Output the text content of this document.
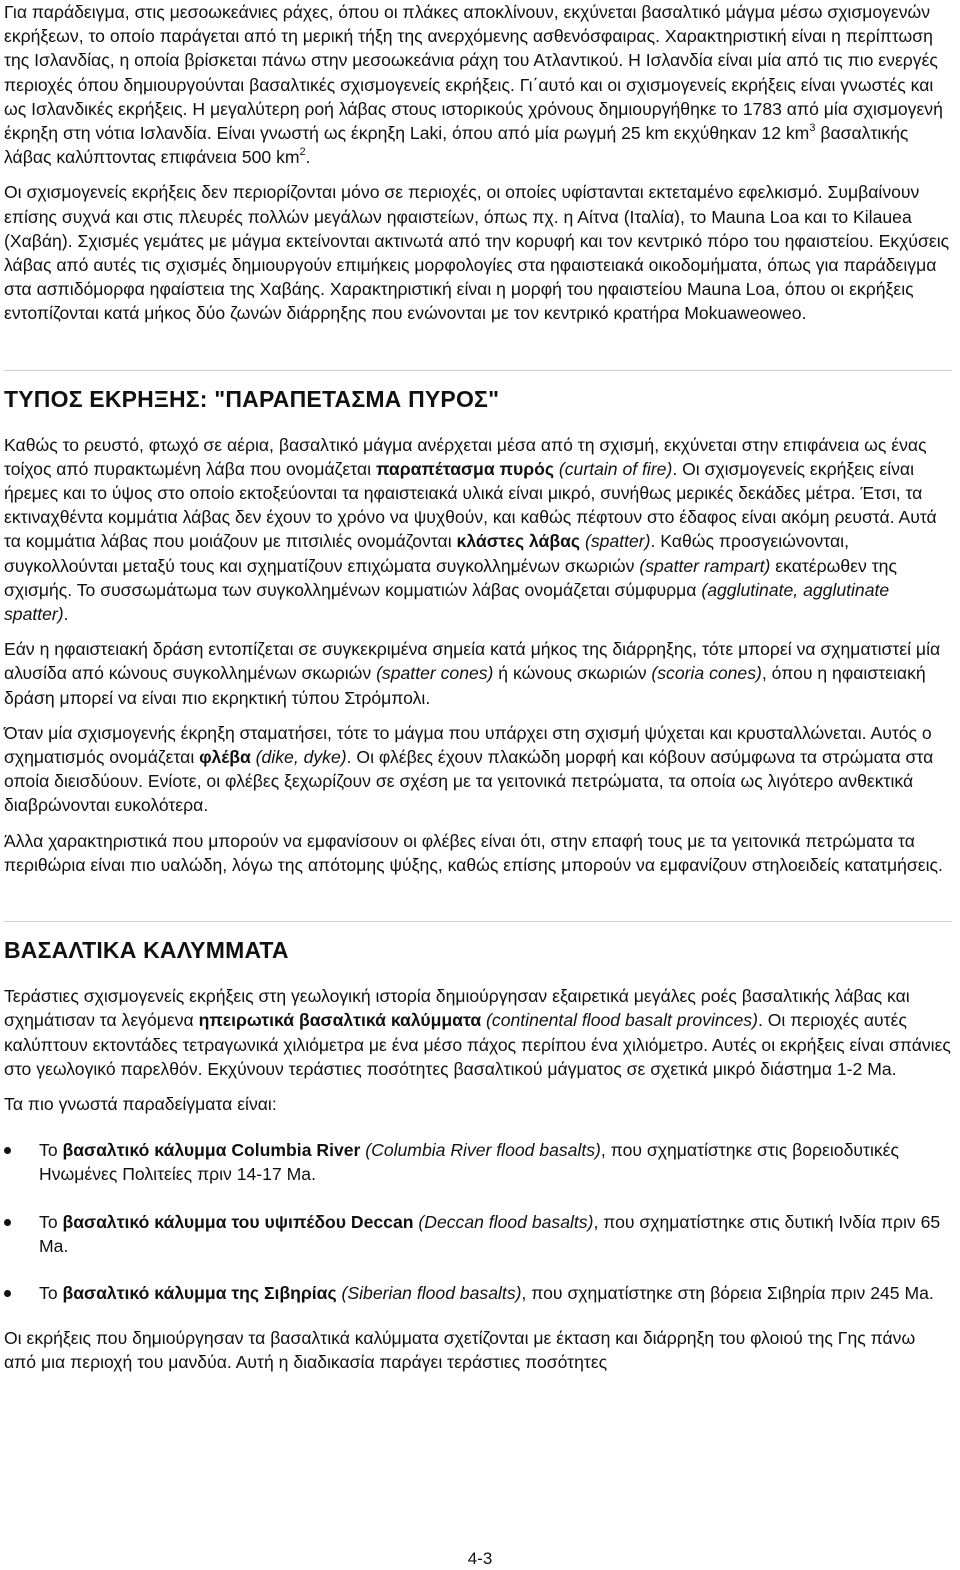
Για παράδειγμα, στις μεσοωκεάνιες ράχες, όπου οι πλάκες αποκλίνουν, εκχύνεται βασαλτικό μάγμα μέσω σχισμογενών εκρήξεων, το οποίο παράγεται από τη μερική τήξη της ανερχόμενης ασθενόσφαιρας. Χαρακτηριστική είναι η περίπτωση της Ισλανδίας, η οποία βρίσκεται πάνω στην μεσοωκεάνια ράχη του Ατλαντικού. Η Ισλανδία είναι μία από τις πιο ενεργές περιοχές όπου δημιουργούνται βασαλτικές σχισμογενείς εκρήξεις. Γι΄αυτό και οι σχισμογενείς εκρήξεις είναι γνωστές και ως Ισλανδικές εκρήξεις. Η μεγαλύτερη ροή λάβας στους ιστορικούς χρόνους δημιουργήθηκε το 1783 από μία σχισμογενή έκρηξη στη νότια Ισλανδία. Είναι γνωστή ως έκρηξη Laki, όπου από μία ρωγμή 25 km εκχύθηκαν 12 $km^3$ βασαλτικής λάβας καλύπτοντας επιφάνεια 500 $km^2$.

Οι σχισμογενείς εκρήξεις δεν περιορίζονται μόνο σε περιοχές, οι οποίες υφίστανται εκτεταμένο εφελκισμό. Συμβαίνουν επίσης συχνά και στις πλευρές πολλών μεγάλων ηφαιστείων, όπως πχ. η Αίτνα (Ιταλία), το Mauna Loa και το Kilauea (Χαβάη). Σχισμές γεμάτες με μάγμα εκτείνονται ακτινωτά από την κορυφή και τον κεντρικό πόρο του ηφαιστείου. Εκχύσεις λάβας από αυτές τις σχισμές δημιουργούν επιμήκεις μορφολογίες στα ηφαιστειακά οικοδομήματα, όπως για παράδειγμα στα ασπιδόμορφα ηφαίστεια της Χαβάης. Χαρακτηριστική είναι η μορφή του ηφαιστείου Mauna Loa, όπου οι εκρήξεις εντοπίζονται κατά μήκος δύο ζωνών διάρρηξης που ενώνονται με τον κεντρικό κρατήρα Mokuaweoweo.

ΤΥΠΟΣ ΕΚΡΗΞΗΣ: "ΠΑΡΑΠΕΤΑΣΜΑ ΠΥΡΟΣ"

Καθώς το ρευστό, φτωχό σε αέρια, βασαλτικό μάγμα ανέρχεται μέσα από τη σχισμή, εκχύνεται στην επιφάνεια ως ένας τοίχος από πυρακτωμένη λάβα που ονομάζεται παραπέτασμα πυρός (curtain of fire). Οι σχισμογενείς εκρήξεις είναι ήρεμες και το ύψος στο οποίο εκτοξεύονται τα ηφαιστειακά υλικά είναι μικρό, συνήθως μερικές δεκάδες μέτρα. Έτσι, τα εκτιναχθέντα κομμάτια λάβας δεν έχουν το χρόνο να ψυχθούν, και καθώς πέφτουν στο έδαφος είναι ακόμη ρευστά. Αυτά τα κομμάτια λάβας που μοιάζουν με πιτσιλιές ονομάζονται κλάστες λάβας (spatter). Καθώς προσγειώνονται, συγκολλούνται μεταξύ τους και σχηματίζουν επιχώματα συγκολλημένων σκωριών (spatter rampart) εκατέρωθεν της σχισμής. Το συσσωμάτωμα των συγκολλημένων κομματιών λάβας ονομάζεται σύμφυρμα (agglutinate, agglutinate spatter).

Εάν η ηφαιστειακή δράση εντοπίζεται σε συγκεκριμένα σημεία κατά μήκος της διάρρηξης, τότε μπορεί να σχηματιστεί μία αλυσίδα από κώνους συγκολλημένων σκωριών (spatter cones) ή κώνους σκωριών (scoria cones), όπου η ηφαιστειακή δράση μπορεί να είναι πιο εκρηκτική τύπου Στρόμπολι.

Όταν μία σχισμογενής έκρηξη σταματήσει, τότε το μάγμα που υπάρχει στη σχισμή ψύχεται και κρυσταλλώνεται. Αυτός ο σχηματισμός ονομάζεται φλέβα (dike, dyke). Οι φλέβες έχουν πλακώδη μορφή και κόβουν ασύμφωνα τα στρώματα στα οποία διεισδύουν. Ενίοτε, οι φλέβες ξεχωρίζουν σε σχέση με τα γειτονικά πετρώματα, τα οποία ως λιγότερο ανθεκτικά διαβρώνονται ευκολότερα.

Άλλα χαρακτηριστικά που μπορούν να εμφανίσουν οι φλέβες είναι ότι, στην επαφή τους με τα γειτονικά πετρώματα τα περιθώρια είναι πιο υαλώδη, λόγω της απότομης ψύξης, καθώς επίσης μπορούν να εμφανίζουν στηλοειδείς κατατμήσεις.

ΒΑΣΑΛΤΙΚΑ ΚΑΛΥΜΜΑΤΑ

Τεράστιες σχισμογενείς εκρήξεις στη γεωλογική ιστορία δημιούργησαν εξαιρετικά μεγάλες ροές βασαλτικής λάβας και σχημάτισαν τα λεγόμενα ηπειρωτικά βασαλτικά καλύμματα (continental flood basalt provinces). Οι περιοχές αυτές καλύπτουν εκτοντάδες τετραγωνικά χιλιόμετρα με ένα μέσο πάχος περίπου ένα χιλιόμετρο. Αυτές οι εκρήξεις είναι σπάνιες στο γεωλογικό παρελθόν. Εκχύνουν τεράστιες ποσότητες βασαλτικού μάγματος σε σχετικά μικρό διάστημα 1-2 Ma.

Τα πιο γνωστά παραδείγματα είναι:

Το βασαλτικό κάλυμμα Columbia River (Columbia River flood basalts), που σχηματίστηκε στις βορειοδυτικές Ηνωμένες Πολιτείες πριν 14-17 Ma.

Το βασαλτικό κάλυμμα του υψιπέδου Deccan (Deccan flood basalts), που σχηματίστηκε στις δυτική Ινδία πριν 65 Ma.

Το βασαλτικό κάλυμμα της Σιβηρίας (Siberian flood basalts), που σχηματίστηκε στη βόρεια Σιβηρία πριν 245 Ma.

Οι εκρήξεις που δημιούργησαν τα βασαλτικά καλύμματα σχετίζονται με έκταση και διάρρηξη του φλοιού της Γης πάνω από μια περιοχή του μανδύα. Αυτή η διαδικασία παράγει τεράστιες ποσότητες

4-3
